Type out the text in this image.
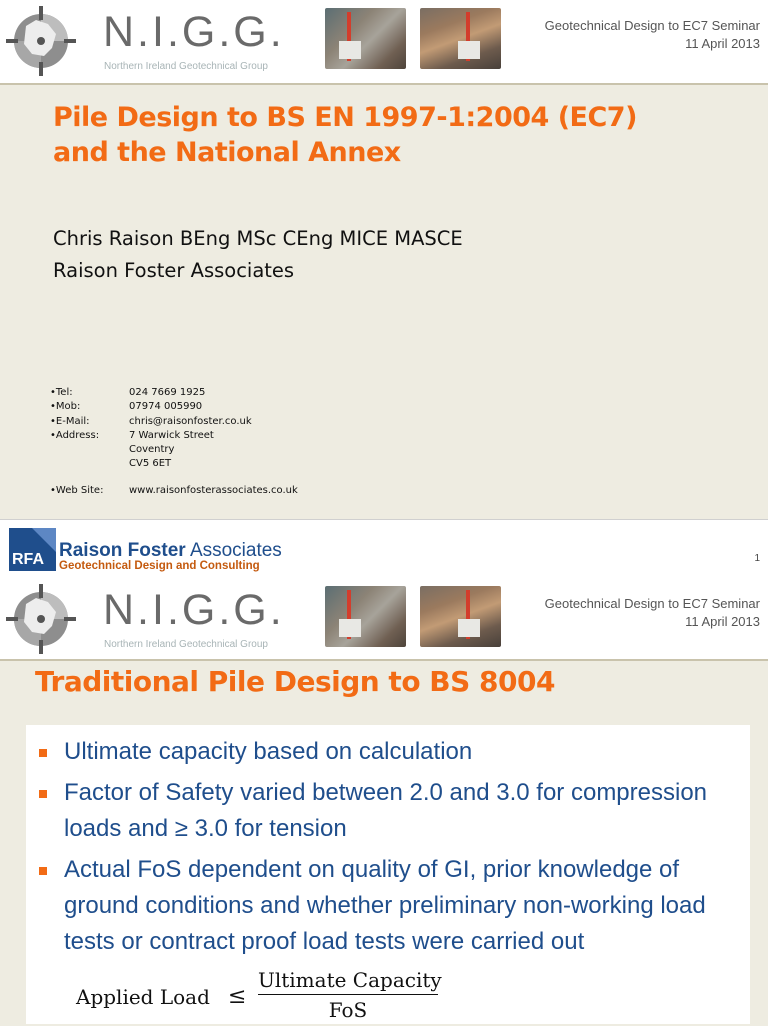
N.I.G.G.
Northern Ireland Geotechnical Group
Geotechnical Design to EC7 Seminar
11 April 2013
Pile Design to BS EN 1997-1:2004 (EC7)
and the National Annex
Chris Raison BEng MSc CEng MICE MASCE
Raison Foster Associates
•Tel:	024 7669 1925
•Mob:	07974 005990
•E-Mail:	chris@raisonfoster.co.uk
•Address:	7 Warwick Street
Coventry
CV5 6ET
•Web Site:	www.raisonfosterassociates.co.uk
RFA Raison Foster Associates
Geotechnical Design and Consulting
1
N.I.G.G.
Northern Ireland Geotechnical Group
Geotechnical Design to EC7 Seminar
11 April 2013
Traditional Pile Design to BS 8004
Ultimate capacity based on calculation
Factor of Safety varied between 2.0 and 3.0 for compression loads and ≥ 3.0 for tension
Actual FoS dependent on quality of GI, prior knowledge of ground conditions and whether preliminary non-working load tests or contract proof load tests were carried out
Applied Load ≤
Ultimate Capacity
FoS
